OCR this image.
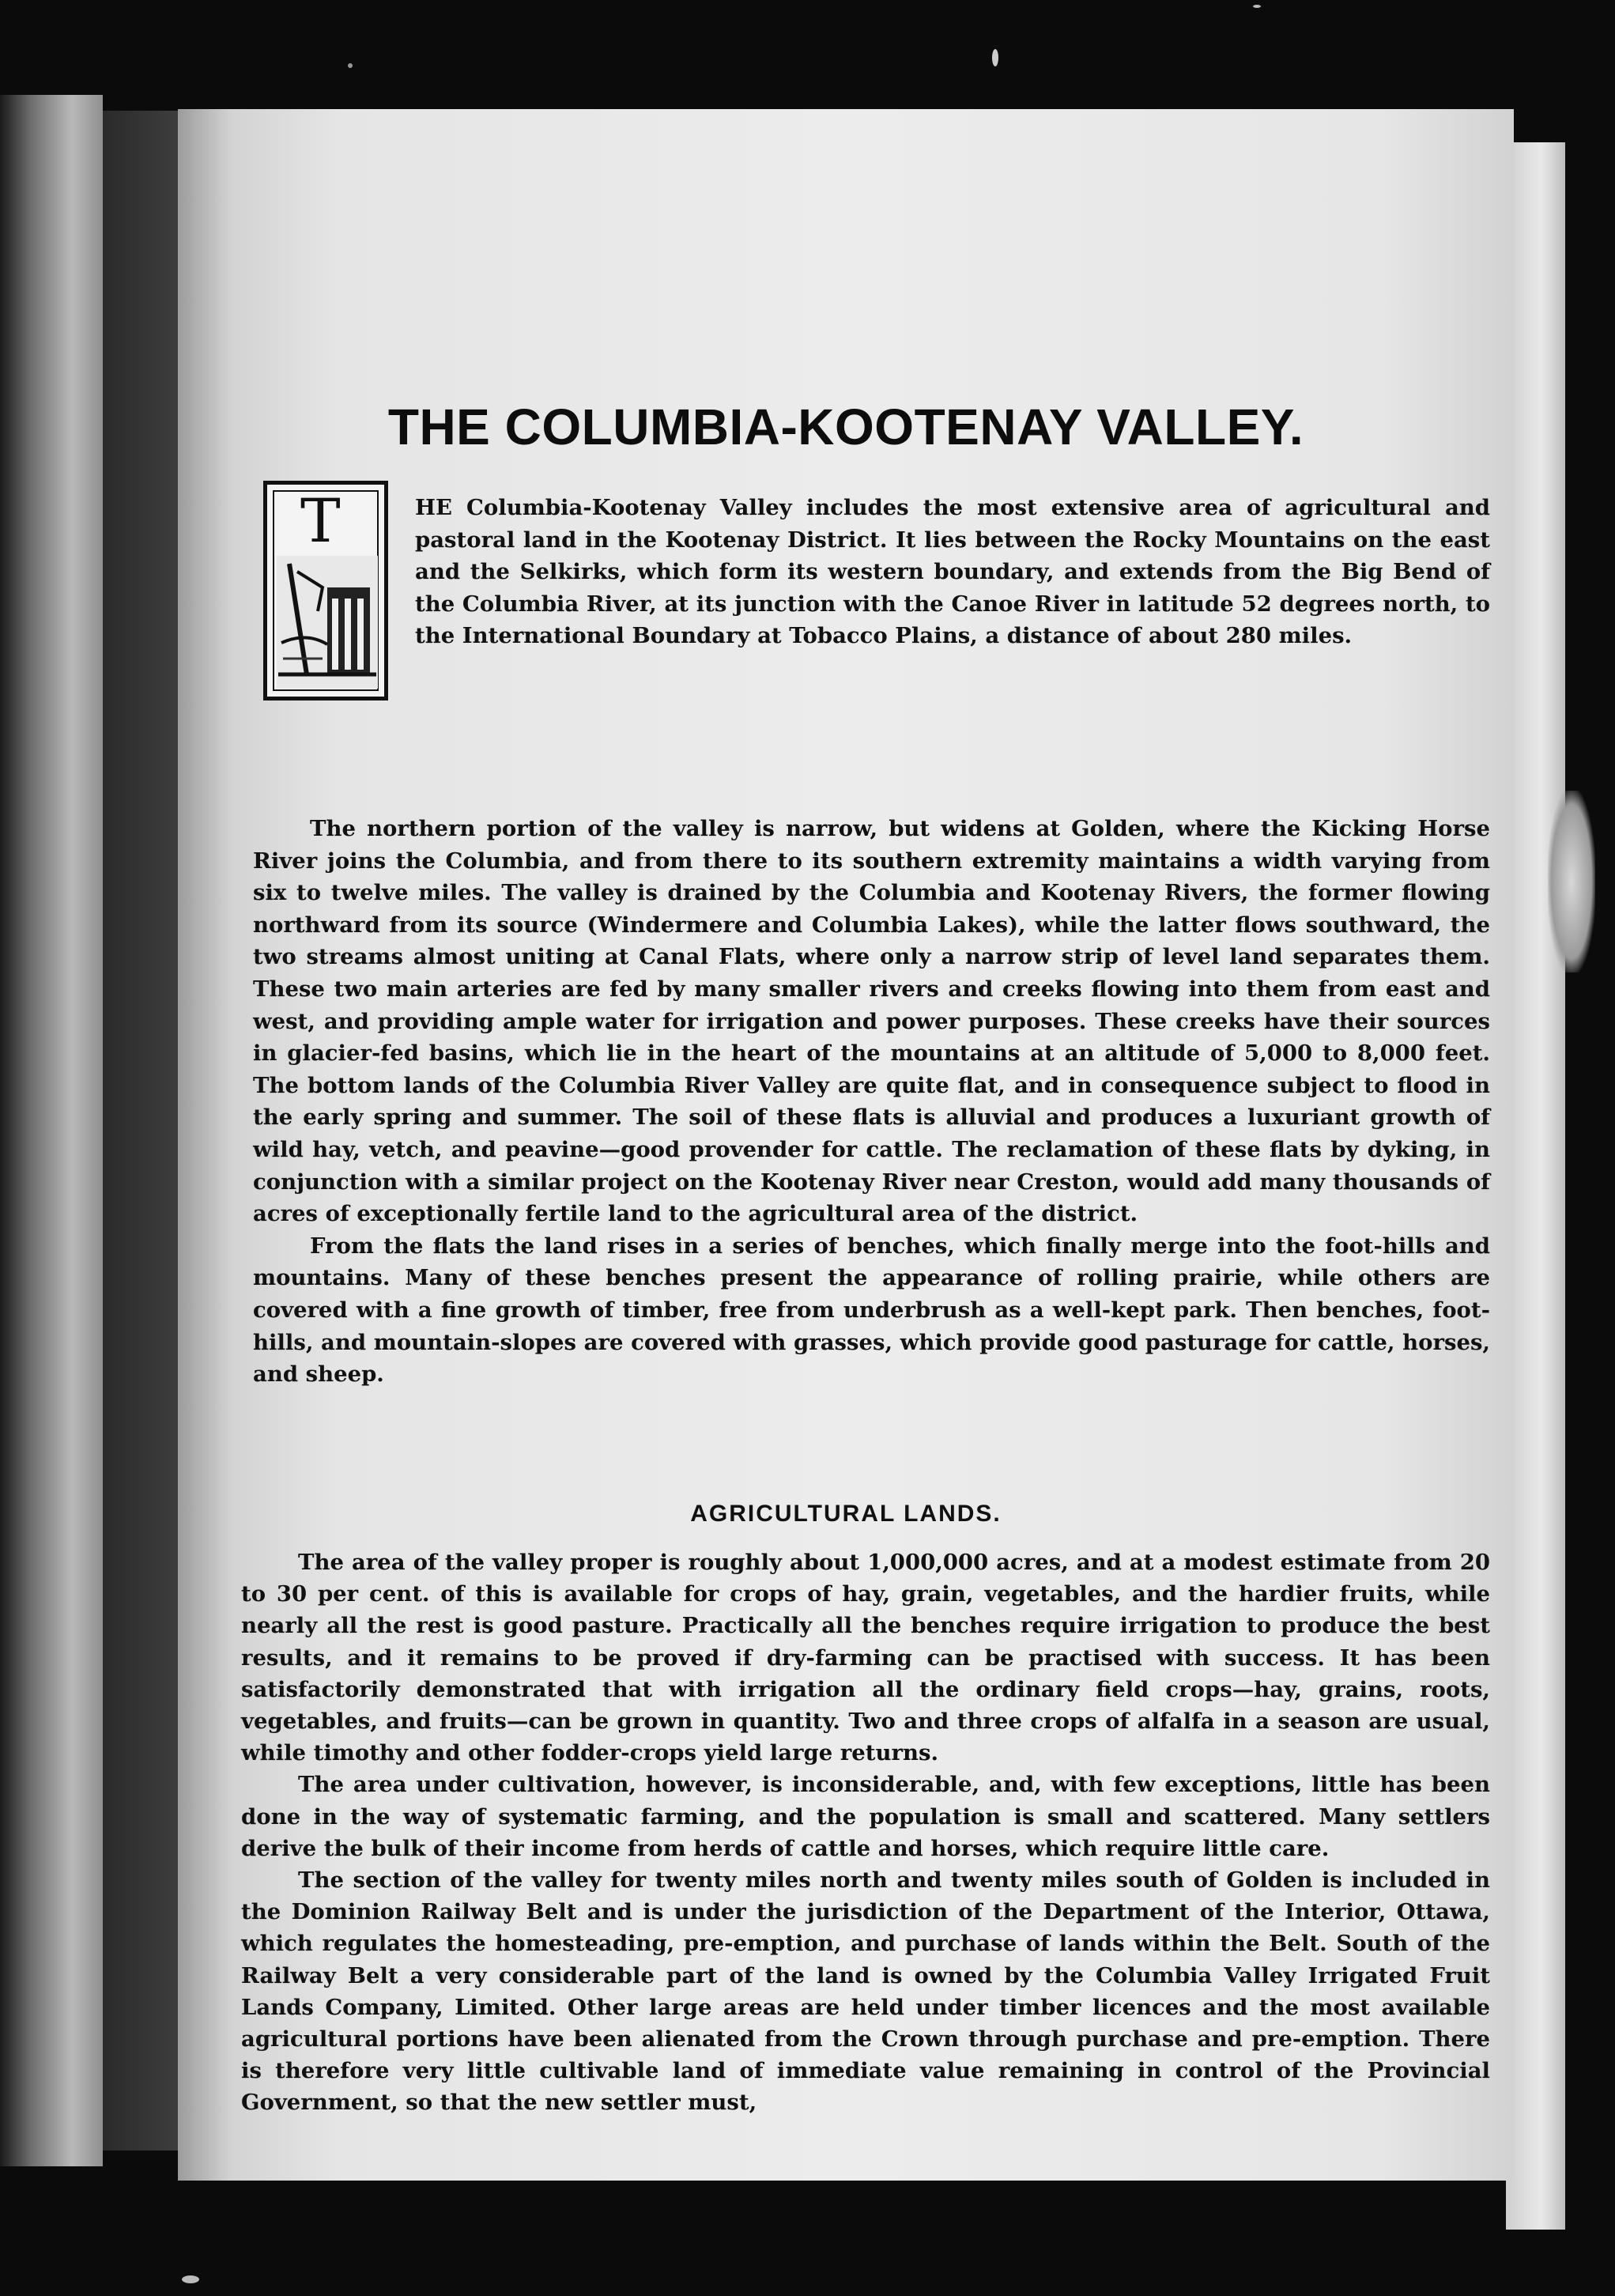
THE COLUMBIA-KOOTENAY VALLEY.
T	HE Columbia-Kootenay Valley includes the most extensive area of agricultural and pastoral land in the Kootenay District. It lies between the Rocky Mountains on the east and the Selkirks, which form its western boundary, and extends from the Big Bend of the Columbia River, at its junction with the Canoe River in latitude 52 degrees north, to the International Boundary at Tobacco Plains, a distance of about 280 miles.

The northern portion of the valley is narrow, but widens at Golden, where the Kicking Horse River joins the Columbia, and from there to its southern extremity maintains a width varying from six to twelve miles. The valley is drained by the Columbia and Kootenay Rivers, the former flowing northward from its source (Windermere and Columbia Lakes), while the latter flows southward, the two streams almost uniting at Canal Flats, where only a narrow strip of level land separates them. These two main arteries are fed by many smaller rivers and creeks flowing into them from east and west, and providing ample water for irrigation and power purposes. These creeks have their sources in glacier-fed basins, which lie in the heart of the mountains at an altitude of 5,000 to 8,000 feet. The bottom lands of the Columbia River Valley are quite flat, and in consequence subject to flood in the early spring and summer. The soil of these flats is alluvial and produces a luxuriant growth of wild hay, vetch, and peavine—good provender for cattle. The reclamation of these flats by dyking, in conjunction with a similar project on the Kootenay River near Creston, would add many thousands of acres of exceptionally fertile land to the agricultural area of the district.

From the flats the land rises in a series of benches, which finally merge into the foot-hills and mountains. Many of these benches present the appearance of rolling prairie, while others are covered with a fine growth of timber, free from underbrush as a well-kept park. Then benches, foot-hills, and mountain-slopes are covered with grasses, which provide good pasturage for cattle, horses, and sheep.

AGRICULTURAL LANDS.

The area of the valley proper is roughly about 1,000,000 acres, and at a modest estimate from 20 to 30 per cent. of this is available for crops of hay, grain, vegetables, and the hardier fruits, while nearly all the rest is good pasture. Practically all the benches require irrigation to produce the best results, and it remains to be proved if dry-farming can be practised with success. It has been satisfactorily demonstrated that with irrigation all the ordinary field crops—hay, grains, roots, vegetables, and fruits—can be grown in quantity. Two and three crops of alfalfa in a season are usual, while timothy and other fodder-crops yield large returns.

The area under cultivation, however, is inconsiderable, and, with few exceptions, little has been done in the way of systematic farming, and the population is small and scattered. Many settlers derive the bulk of their income from herds of cattle and horses, which require little care.

The section of the valley for twenty miles north and twenty miles south of Golden is included in the Dominion Railway Belt and is under the jurisdiction of the Department of the Interior, Ottawa, which regulates the homesteading, pre-emption, and purchase of lands within the Belt. South of the Railway Belt a very considerable part of the land is owned by the Columbia Valley Irrigated Fruit Lands Company, Limited. Other large areas are held under timber licences and the most available agricultural portions have been alienated from the Crown through purchase and pre-emption. There is therefore very little cultivable land of immediate value remaining in control of the Provincial Government, so that the new settler must,
